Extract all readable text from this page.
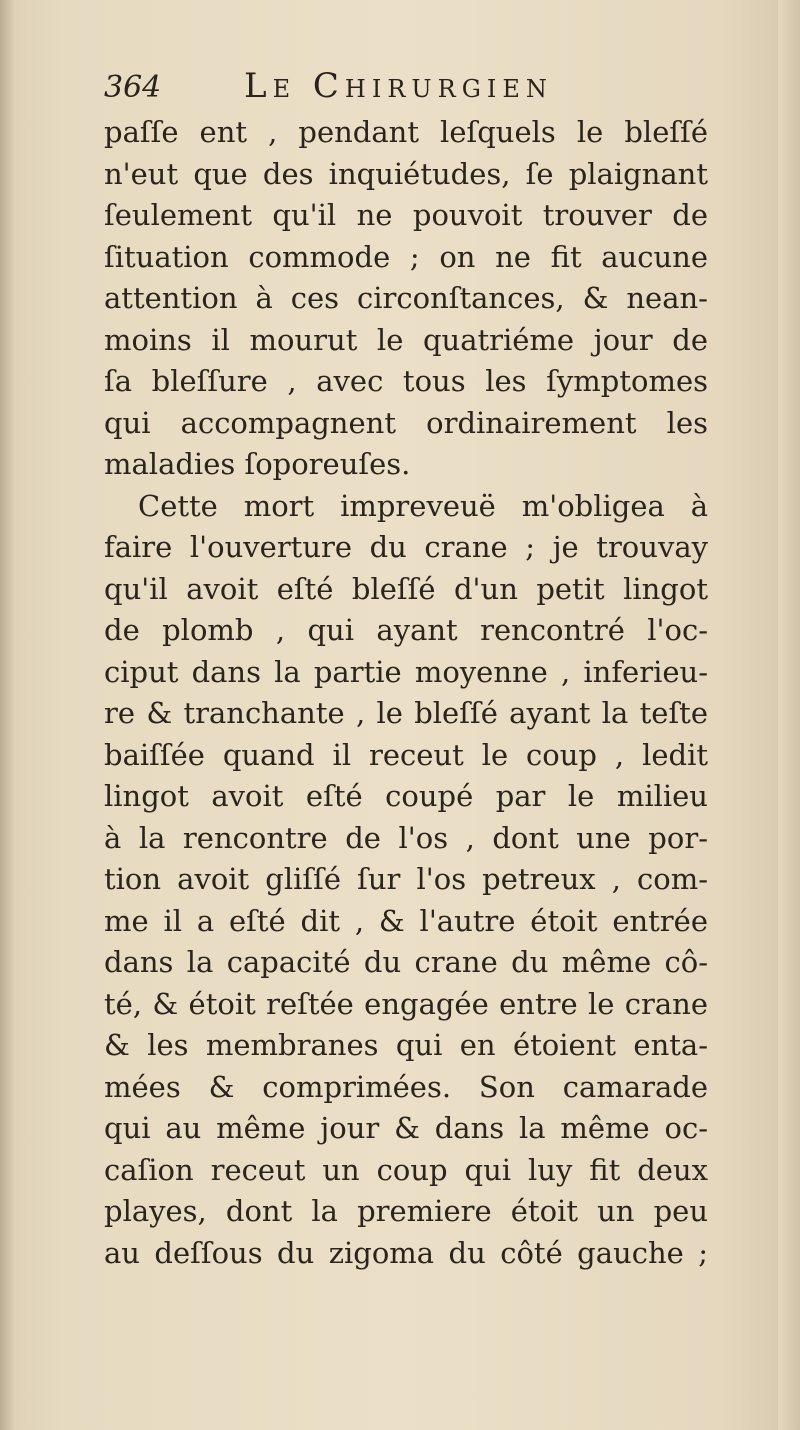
364 Le Chirurgien
paſſe ent , pendant leſquels le bleſſé
n'eut que des inquiétudes, ſe plaignant
ſeulement qu'il ne pouvoit trouver de
ſituation commode ; on ne fit aucune
attention à ces circonſtances, & nean-
moins il mourut le quatriéme jour de
ſa bleſſure , avec tous les ſymptomes
qui accompagnent ordinairement les
maladies ſoporeuſes.
Cette mort impreveuë m'obligea à
faire l'ouverture du crane ; je trouvay
qu'il avoit eſté bleſſé d'un petit lingot
de plomb , qui ayant rencontré l'oc-
ciput dans la partie moyenne , inferieu-
re & tranchante , le bleſſé ayant la teſte
baiſſée quand il receut le coup , ledit
lingot avoit eſté coupé par le milieu
à la rencontre de l'os , dont une por-
tion avoit gliſſé ſur l'os petreux , com-
me il a eſté dit , & l'autre étoit entrée
dans la capacité du crane du même cô-
té, & étoit reſtée engagée entre le crane
& les membranes qui en étoient enta-
mées & comprimées. Son camarade
qui au même jour & dans la même oc-
caſion receut un coup qui luy fit deux
playes, dont la premiere étoit un peu
au deſſous du zigoma du côté gauche ;
